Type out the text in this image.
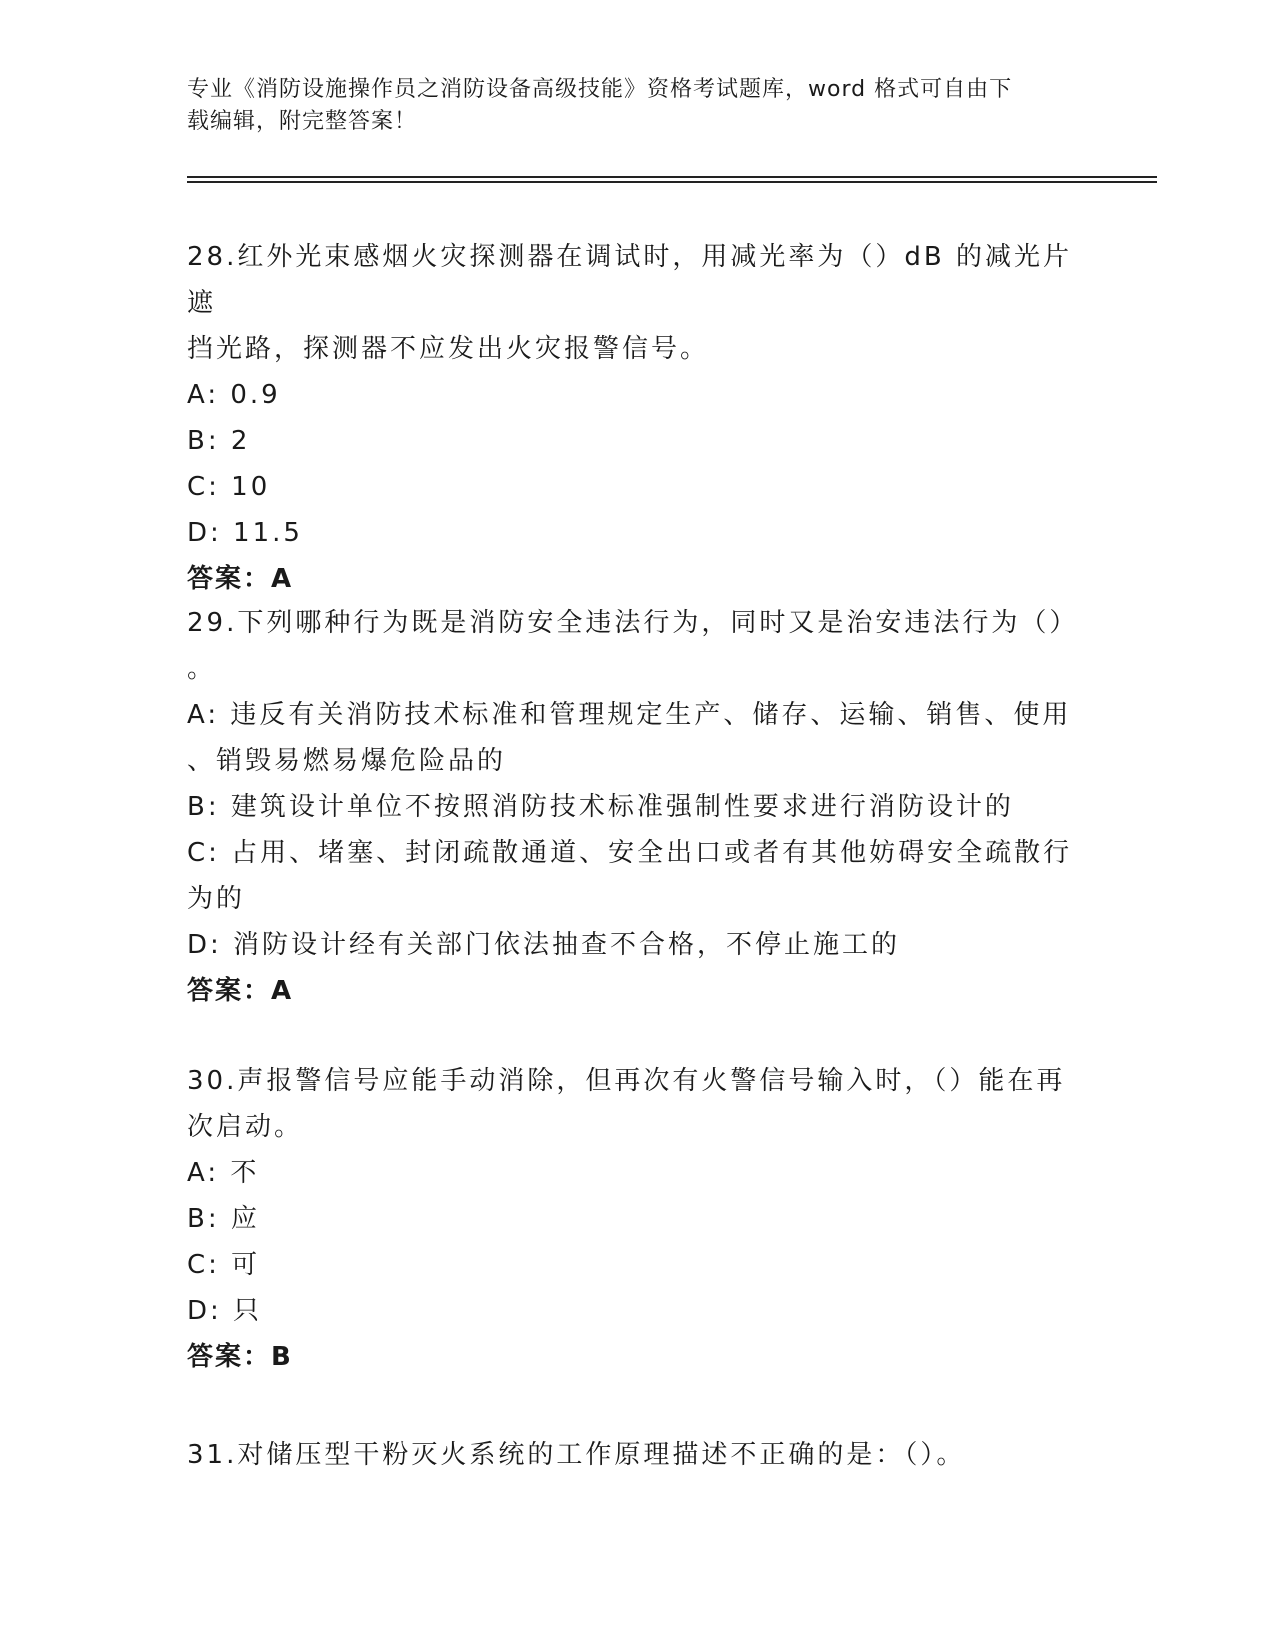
专业《消防设施操作员之消防设备高级技能》资格考试题库，word 格式可自由下
载编辑，附完整答案！
28.红外光束感烟火灾探测器在调试时，用减光率为（）dB 的减光片遮
挡光路，探测器不应发出火灾报警信号。
A: 0.9
B: 2
C: 10
D: 11.5
答案：A
29.下列哪种行为既是消防安全违法行为，同时又是治安违法行为（）
。
A: 违反有关消防技术标准和管理规定生产、储存、运输、销售、使用
、销毁易燃易爆危险品的
B: 建筑设计单位不按照消防技术标准强制性要求进行消防设计的
C: 占用、堵塞、封闭疏散通道、安全出口或者有其他妨碍安全疏散行
为的
D: 消防设计经有关部门依法抽查不合格，不停止施工的
答案：A
30.声报警信号应能手动消除，但再次有火警信号输入时，（）能在再
次启动。
A: 不
B: 应
C: 可
D: 只
答案：B
31.对储压型干粉灭火系统的工作原理描述不正确的是：（）。
